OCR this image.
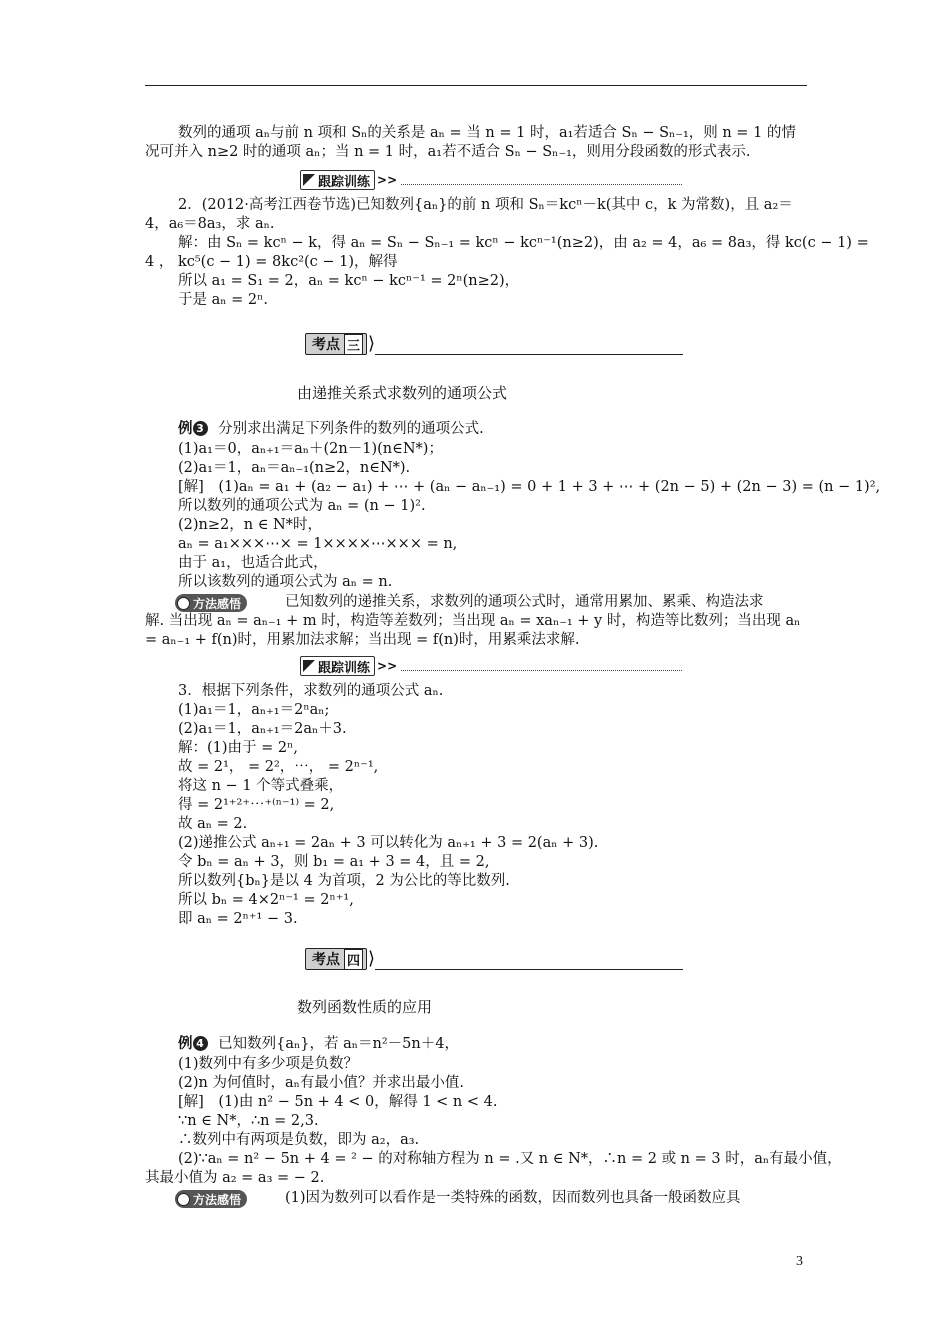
数列的通项 aₙ与前 n 项和 Sₙ的关系是 aₙ = 当 n = 1 时，a₁若适合 Sₙ − Sₙ₋₁，则 n = 1 的情
况可并入 n≥2 时的通项 aₙ；当 n = 1 时，a₁若不适合 Sₙ − Sₙ₋₁，则用分段函数的形式表示.
跟踪训练 >>
2．(2012·高考江西卷节选)已知数列{aₙ}的前 n 项和 Sₙ＝kcⁿ－k(其中 c，k 为常数)，且 a₂＝
4，a₆＝8a₃，求 aₙ.
解：由 Sₙ = kcⁿ − k，得 aₙ = Sₙ − Sₙ₋₁ = kcⁿ − kcⁿ⁻¹(n≥2)，由 a₂ = 4，a₆ = 8a₃，得 kc(c − 1) =
4 ， kc⁵(c − 1) = 8kc²(c − 1)，解得
所以 a₁ = S₁ = 2，aₙ = kcⁿ − kcⁿ⁻¹ = 2ⁿ(n≥2)，
于是 aₙ = 2ⁿ.
考点 三 ⟩
由递推关系式求数列的通项公式
例 3 分别求出满足下列条件的数列的通项公式.
(1)a₁＝0，aₙ₊₁＝aₙ＋(2n－1)(n∈N*)；
(2)a₁＝1，aₙ＝aₙ₋₁(n≥2，n∈N*).
[解]　(1)aₙ = a₁ + (a₂ − a₁) + ⋯ + (aₙ − aₙ₋₁) = 0 + 1 + 3 + ⋯ + (2n − 5) + (2n − 3) = (n − 1)²,
所以数列的通项公式为 aₙ = (n − 1)².
(2)n≥2，n ∈ N*时，
aₙ = a₁×××⋯× = 1××××⋯××× = n,
由于 a₁，也适合此式，
所以该数列的通项公式为 aₙ = n.
方法感悟	已知数列的递推关系，求数列的通项公式时，通常用累加、累乘、构造法求
解. 当出现 aₙ = aₙ₋₁ + m 时，构造等差数列；当出现 aₙ = xaₙ₋₁ + y 时，构造等比数列；当出现 aₙ
= aₙ₋₁ + f(n)时，用累加法求解；当出现 = f(n)时，用累乘法求解.
跟踪训练 >>
3．根据下列条件，求数列的通项公式 aₙ.
(1)a₁＝1，aₙ₊₁＝2ⁿaₙ;
(2)a₁＝1，aₙ₊₁＝2aₙ＋3.
解：(1)由于 = 2ⁿ,
故 = 2¹， = 2²，⋯， = 2ⁿ⁻¹,
将这 n − 1 个等式叠乘，
得 = 2¹⁺²⁺⋯⁺⁽ⁿ⁻¹⁾ = 2,
故 aₙ = 2.
(2)递推公式 aₙ₊₁ = 2aₙ + 3 可以转化为 aₙ₊₁ + 3 = 2(aₙ + 3).
令 bₙ = aₙ + 3，则 b₁ = a₁ + 3 = 4，且 = 2,
所以数列{bₙ}是以 4 为首项，2 为公比的等比数列.
所以 bₙ = 4×2ⁿ⁻¹ = 2ⁿ⁺¹,
即 aₙ = 2ⁿ⁺¹ − 3.
考点 四 ⟩
数列函数性质的应用
例 4 已知数列{aₙ}，若 aₙ＝n²－5n＋4，
(1)数列中有多少项是负数？
(2)n 为何值时，aₙ有最小值？并求出最小值.
[解]　(1)由 n² − 5n + 4 < 0，解得 1 < n < 4.
∵n ∈ N*，∴n = 2,3.
∴数列中有两项是负数，即为 a₂，a₃.
(2)∵aₙ = n² − 5n + 4 = ² − 的对称轴方程为 n = .又 n ∈ N*，∴n = 2 或 n = 3 时，aₙ有最小值，
其最小值为 a₂ = a₃ = − 2.
方法感悟	(1)因为数列可以看作是一类特殊的函数，因而数列也具备一般函数应具
3
